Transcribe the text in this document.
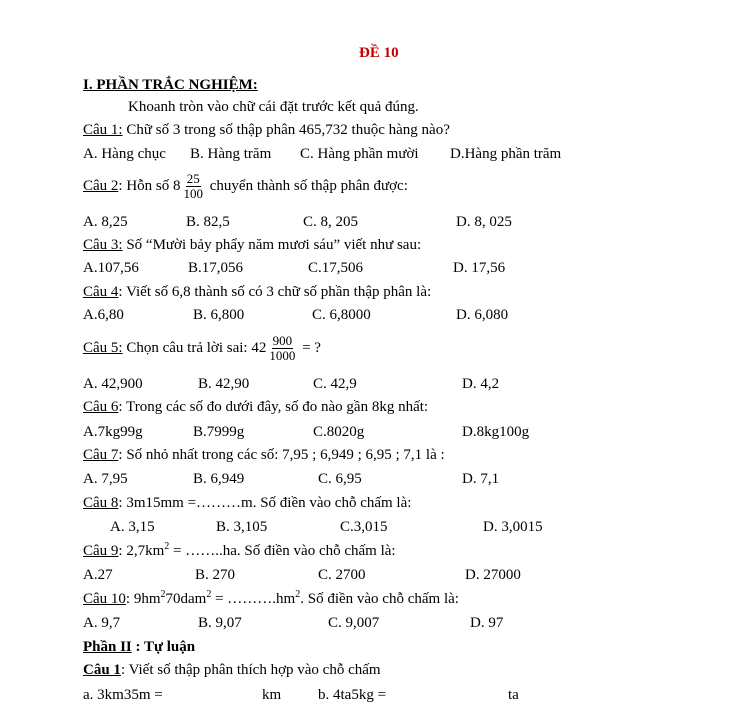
ĐỀ 10
I. PHẦN TRẮC NGHIỆM:
Khoanh tròn vào chữ cái đặt trước kết quả đúng.
Câu 1: Chữ số 3 trong số thập phân 465,732 thuộc hàng nào?
A. Hàng chục B. Hàng trăm C. Hàng phần mười D.Hàng phần trăm
Câu 2: Hỗn số $8 \frac{25}{100}$ chuyển thành số thập phân được:
A. 8,25	B. 82,5	C. 8, 205	D. 8, 025
Câu 3: Số “Mười bảy phẩy năm mươi sáu” viết như sau:
A.107,56	B.17,056	C.17,506	D. 17,56
Câu 4: Viết số 6,8 thành số có 3 chữ số phần thập phân là:
A.6,80	B. 6,800	C. 6,8000	D. 6,080
Câu 5: Chọn câu trả lời sai: $42 \frac{900}{1000}$ = ?
A. 42,900	B. 42,90	C. 42,9	D. 4,2
Câu 6: Trong các số đo dưới đây, số đo nào gần 8kg nhất:
A.7kg99g	B.7999g	C.8020g	D.8kg100g
Câu 7: Số nhỏ nhất trong các số: 7,95 ; 6,949 ; 6,95 ; 7,1 là :
A. 7,95	B. 6,949	C. 6,95	D. 7,1
Câu 8: 3m15mm =………m. Số điền vào chỗ chấm là:
A. 3,15	B. 3,105	C.3,015	D. 3,0015
Câu 9: $2,7km^2$ = ……..ha. Số điền vào chỗ chấm là:
A.27	B. 270	C. 2700	D. 27000
Câu 10: $9hm^270dam^2$ = $\dots\dots\dots.hm^2$. Số điền vào chỗ chấm là:
A. 9,7	B. 9,07	C. 9,007	D. 97
Phần II : Tự luận
Câu 1: Viết số thập phân thích hợp vào chỗ chấm
a. 3km35m =	km b. 4ta5kg =	ta
